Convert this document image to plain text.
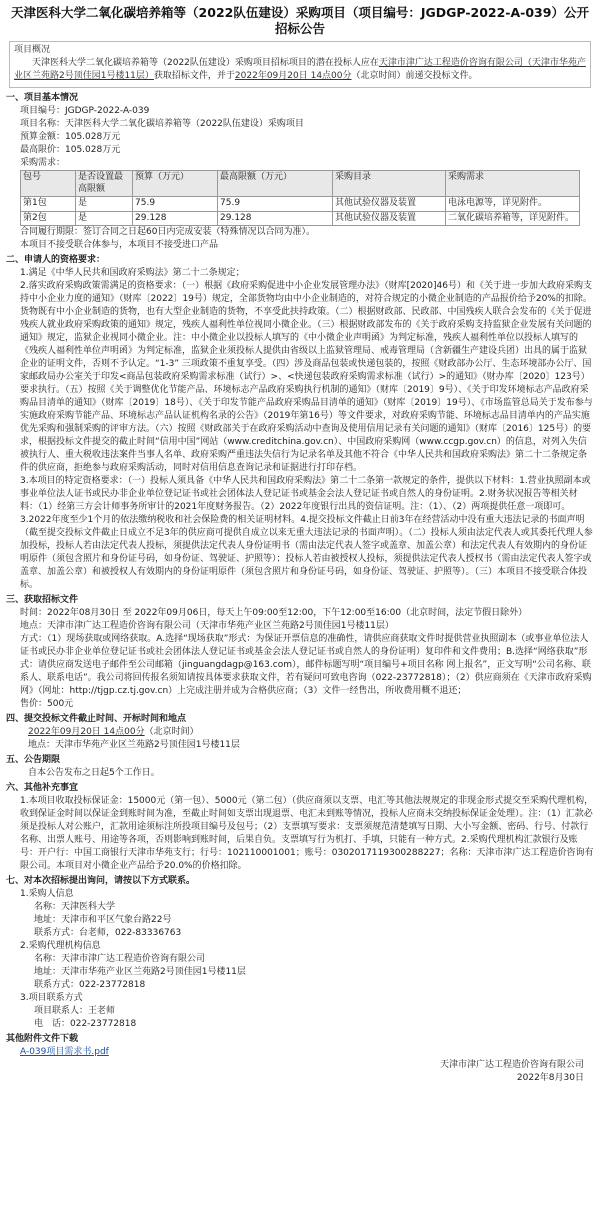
天津医科大学二氧化碳培养箱等（2022队伍建设）采购项目（项目编号：JGDGP-2022-A-039）公开招标公告
项目概况
天津医科大学二氧化碳培养箱等（2022队伍建设）采购项目招标项目的潜在投标人应在天津市津广达工程造价咨询有限公司（天津市华苑产业区兰苑路2号顶佳园1号楼11层）获取招标文件，并于2022年09月20日 14点00分（北京时间）前递交投标文件。
一、项目基本情况
项目编号：JGDGP-2022-A-039
项目名称：天津医科大学二氧化碳培养箱等（2022队伍建设）采购项目
预算金额：105.028万元
最高限价：105.028万元
采购需求：
包号	是否设置最高限额	预算（万元）	最高限额（万元）	采购目录	采购需求
第1包	是	75.9	75.9	其他试验仪器及装置	电泳电源等，详见附件。
第2包	是	29.128	29.128	其他试验仪器及装置	二氧化碳培养箱等，详见附件。
合同履行期限：签订合同之日起60日内完成安装（特殊情况以合同为准）。
本项目不接受联合体参与，本项目不接受进口产品
二、申请人的资格要求：
1.满足《中华人民共和国政府采购法》第二十二条规定；
2.落实政府采购政策需满足的资格要求：（一）根据《政府采购促进中小企业发展管理办法》（财库[2020]46号）和《关于进一步加大政府采购支持中小企业力度的通知》（财库〔2022〕19号）规定，全部货物均由中小企业制造的，对符合规定的小微企业制造的产品报价给予20%的扣除。货物既有中小企业制造的货物，也有大型企业制造的货物，不享受此扶持政策。（二）根据财政部、民政部、中国残疾人联合会发布的《关于促进残疾人就业政府采购政策的通知》规定，残疾人福利性单位视同小微企业。（三）根据财政部发布的《关于政府采购支持监狱企业发展有关问题的通知》规定，监狱企业视同小微企业。注：中小微企业以投标人填写的《中小微企业声明函》为判定标准，残疾人福利性单位以投标人填写的《残疾人福利性单位声明函》为判定标准，监狱企业须投标人提供由省级以上监狱管理局、戒毒管理局（含新疆生产建设兵团）出具的属于监狱企业的证明文件，否则不予认定。“1-3” 三项政策不重复享受。（四）涉及商品包装或快递包装的，按照《财政部办公厅、生态环境部办公厅、国家邮政局办公室关于印发<商品包装政府采购需求标准（试行）>、<快递包装政府采购需求标准（试行）>的通知》（财办库〔2020〕123号）要求执行。（五）按照《关于调整优化节能产品、环境标志产品政府采购执行机制的通知》（财库〔2019〕9号）、《关于印发环境标志产品政府采购品目清单的通知》（财库〔2019〕18号）、《关于印发节能产品政府采购品目清单的通知》（财库〔2019〕19号）、《市场监管总局关于发布参与实施政府采购节能产品、环境标志产品认证机构名录的公告》（2019年第16号）等文件要求，对政府采购节能、环境标志品目清单内的产品实施优先采购和强制采购的评审方法。（六）按照《财政部关于在政府采购活动中查询及使用信用记录有关问题的通知》（财库〔2016〕125号）的要求，根据投标文件提交的截止时间“信用中国”网站（www.creditchina.gov.cn）、中国政府采购网（www.ccgp.gov.cn）的信息，对列入失信被执行人、重大税收违法案件当事人名单、政府采购严重违法失信行为记录名单及其他不符合《中华人民共和国政府采购法》第二十二条规定条件的供应商，拒绝参与政府采购活动，同时对信用信息查询记录和证据进行打印存档。
3.本项目的特定资格要求：（一）投标人须具备《中华人民共和国政府采购法》第二十二条第一款规定的条件，提供以下材料：1.营业执照副本或事业单位法人证书或民办非企业单位登记证书或社会团体法人登记证书或基金会法人登记证书或自然人的身份证明。2.财务状况报告等相关材料：（1）经第三方会计师事务所审计的2021年度财务报告。（2）2022年度银行出具的资信证明。注：（1）、（2）两项提供任意一项即可。3.2022年度至少1个月的依法缴纳税收和社会保险费的相关证明材料。4.提交投标文件截止日前3年在经营活动中没有重大违法记录的书面声明（截至提交投标文件截止日成立不足3年的供应商可提供自成立以来无重大违法记录的书面声明）。（二）投标人须由法定代表人或其委托代理人参加投标，投标人若由法定代表人投标，须提供法定代表人身份证明书（需由法定代表人签字或盖章、加盖公章）和法定代表人有效期内的身份证明原件（须包含照片和身份证号码，如身份证、驾驶证、护照等）；投标人若由被授权人投标，须提供法定代表人授权书（需由法定代表人签字或盖章、加盖公章）和被授权人有效期内的身份证明原件（须包含照片和身份证号码，如身份证、驾驶证、护照等）。（三）本项目不接受联合体投标。
三、获取招标文件
时间：2022年08月30日 至 2022年09月06日，每天上午09:00至12:00，下午12:00至16:00（北京时间，法定节假日除外）
地点：天津市津广达工程造价咨询有限公司（天津市华苑产业区兰苑路2号顶佳园1号楼11层）
方式：（1）现场获取或网络获取。A.选择“现场获取”形式：为保证开票信息的准确性，请供应商获取文件时提供营业执照副本（或事业单位法人证书或民办非企业单位登记证书或社会团体法人登记证书或基金会法人登记证书或自然人的身份证明）复印件和文件费用；B.选择“网络获取”形式：请供应商发送电子邮件至公司邮箱（jinguangdagp@163.com），邮件标题写明“项目编号+项目名称 网上报名”，正文写明“公司名称、联系人、联系电话”。我公司将回传报名须知请按具体要求获取文件，若有疑问可致电咨询（022-23772818）；（2）供应商须在《天津市政府采购网》（网址：http://tjgp.cz.tj.gov.cn）上完成注册并成为合格供应商；（3）文件一经售出，所收费用概不退还；
售价：500元
四、提交投标文件截止时间、开标时间和地点
2022年09月20日 14点00分（北京时间）
地点：天津市华苑产业区兰苑路2号顶佳园1号楼11层
五、公告期限
自本公告发布之日起5个工作日。
六、其他补充事宜
1.本项目收取投标保证金：15000元（第一包）、5000元（第二包）（供应商须以支票、电汇等其他法规规定的非现金形式提交至采购代理机构，收到保证金时间以保证金到账时间为准，至截止时间如支票出现退票、电汇未到账等情况，投标人应商未交纳投标保证金处理）。注：（1）汇款必须是投标人对公账户，汇款用途须标注所投项目编号及包号；（2）支票填写要求：支票须规范清楚填写日期、大小写金额、密码、行号、付款行名称、出票人账号、用途等各项，否则影响到账时间，后果自负。支票填写行为机打、手填，只能有一种方式。2.采购代理机构汇款银行及账号：开户行：中国工商银行天津市华苑支行；行号：102110001001；账号：0302017119300288227；名称：天津市津广达工程造价咨询有限公司。本项目对小微企业产品给予20.0%的价格扣除。
七、对本次招标提出询问，请按以下方式联系。
1.采购人信息
名称：天津医科大学
地址：天津市和平区气象台路22号
联系方式：台老师，022-83336763
2.采购代理机构信息
名称：天津市津广达工程造价咨询有限公司
地址：天津市华苑产业区兰苑路2号顶佳园1号楼11层
联系方式：022-23772818
3.项目联系方式
项目联系人：王老师
电　话：022-23772818
其他附件文件下载
A-039项目需求书.pdf
天津市津广达工程造价咨询有限公司
2022年8月30日
